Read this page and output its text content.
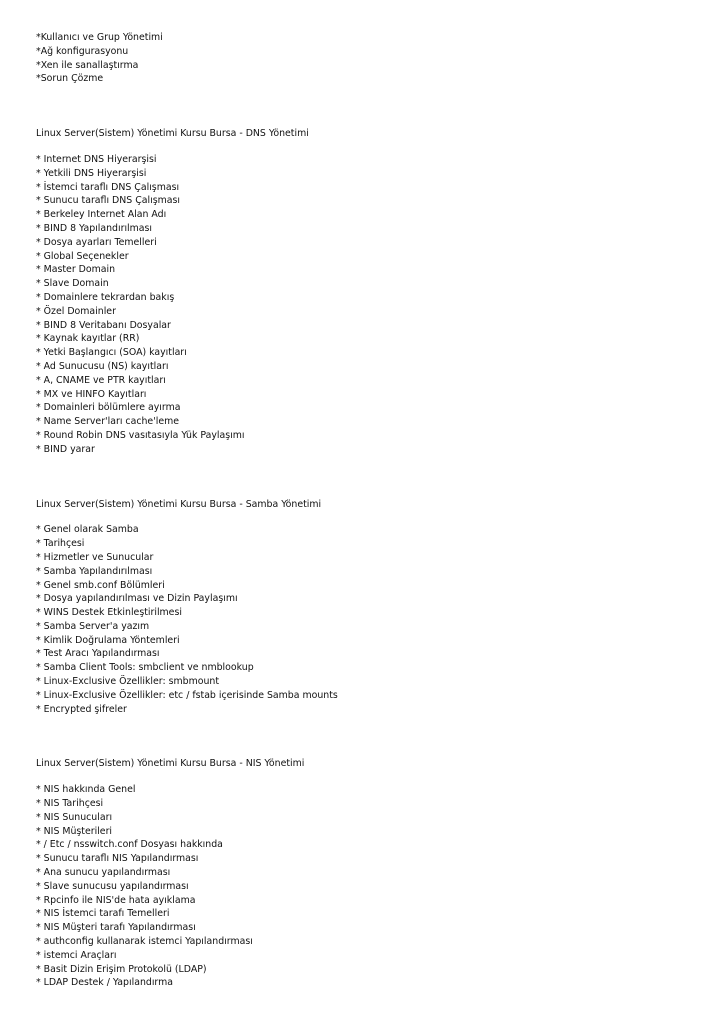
*Kullanıcı ve Grup Yönetimi
*Ağ konfigurasyonu
*Xen ile sanallaştırma
*Sorun Çözme
Linux Server(Sistem) Yönetimi Kursu Bursa - DNS Yönetimi
* Internet DNS Hiyerarşisi
* Yetkili DNS Hiyerarşisi
* İstemci taraflı DNS Çalışması
* Sunucu taraflı DNS Çalışması
* Berkeley Internet Alan Adı
* BIND 8 Yapılandırılması
* Dosya ayarları Temelleri
* Global Seçenekler
* Master Domain
* Slave Domain
* Domainlere tekrardan bakış
* Özel Domainler
* BIND 8 Veritabanı Dosyalar
* Kaynak kayıtlar (RR)
* Yetki Başlangıcı (SOA) kayıtları
* Ad Sunucusu (NS) kayıtları
* A, CNAME ve PTR kayıtları
* MX ve HINFO Kayıtları
* Domainleri bölümlere ayırma
* Name Server'ları cache'leme
* Round Robin DNS vasıtasıyla Yük Paylaşımı
* BIND yarar
Linux Server(Sistem) Yönetimi Kursu Bursa - Samba Yönetimi
* Genel olarak Samba
* Tarihçesi
* Hizmetler ve Sunucular
* Samba Yapılandırılması
* Genel smb.conf Bölümleri
* Dosya yapılandırılması ve Dizin Paylaşımı
* WINS Destek Etkinleştirilmesi
* Samba Server'a yazım
* Kimlik Doğrulama Yöntemleri
* Test Aracı Yapılandırması
* Samba Client Tools: smbclient ve nmblookup
* Linux-Exclusive Özellikler: smbmount
* Linux-Exclusive Özellikler: etc / fstab içerisinde Samba mounts
* Encrypted şifreler
Linux Server(Sistem) Yönetimi Kursu Bursa - NIS Yönetimi
* NIS hakkında Genel
* NIS Tarihçesi
* NIS Sunucuları
* NIS Müşterileri
* / Etc / nsswitch.conf Dosyası hakkında
* Sunucu taraflı NIS Yapılandırması
* Ana sunucu yapılandırması
* Slave sunucusu yapılandırması
* Rpcinfo ile NIS'de hata ayıklama
* NIS İstemci tarafı Temelleri
* NIS Müşteri tarafı Yapılandırması
* authconfig kullanarak istemci Yapılandırması
* istemci Araçları
* Basit Dizin Erişim Protokolü (LDAP)
* LDAP Destek / Yapılandırma
